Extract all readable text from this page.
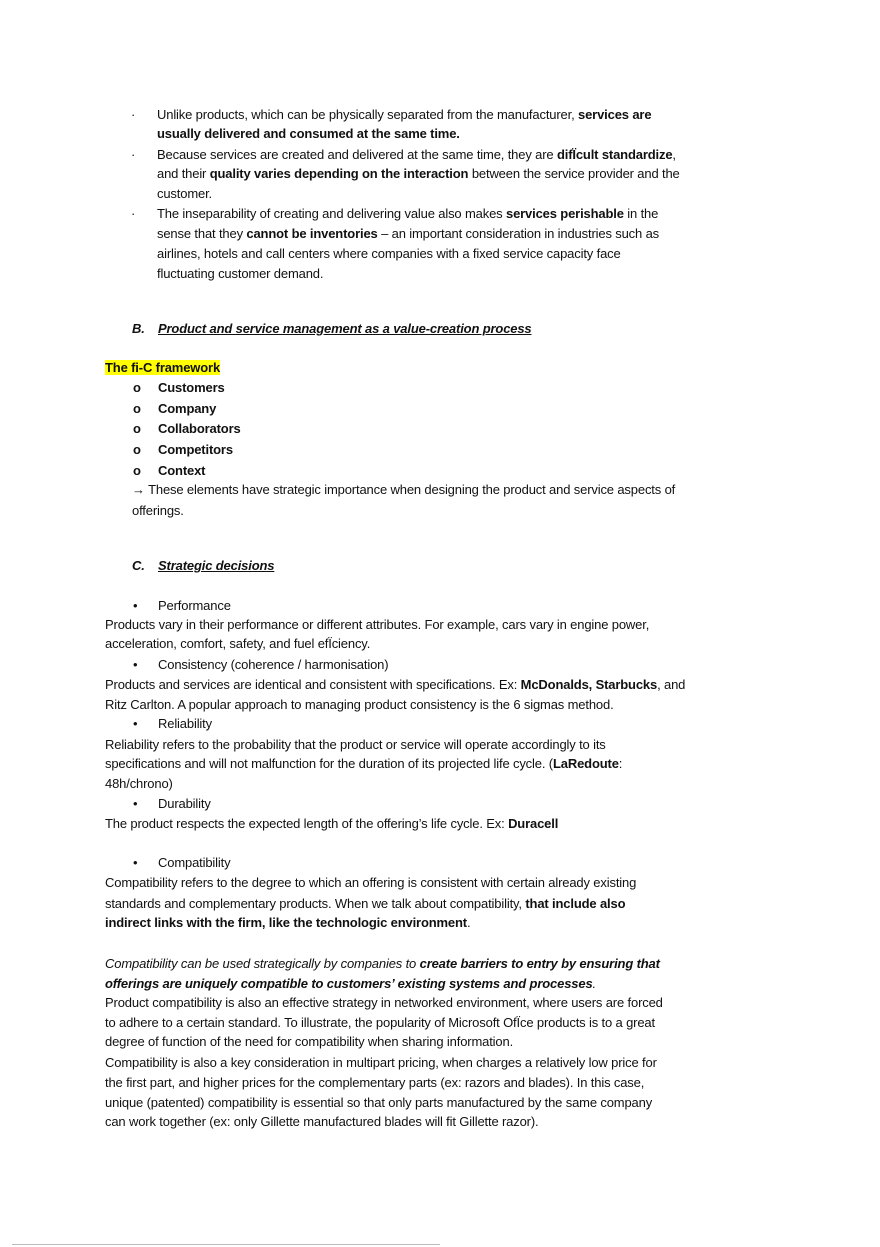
· Unlike products, which can be physically separated from the manufacturer, services are
usually delivered and consumed at the same time.
· Because services are created and delivered at the same time, they are difÏcult standardize,
and their quality varies depending on the interaction between the service provider and the
customer.
· The inseparability of creating and delivering value also makes services perishable in the
sense that they cannot be inventories – an important consideration in industries such as
airlines, hotels and call centers where companies with a fixed service capacity face
fluctuating customer demand.
B. Product and service management as a value-creation process
The fi-C framework
o Customers
o Company
o Collaborators
o Competitors
o Context
→ These elements have strategic importance when designing the product and service aspects of
offerings.
C. Strategic decisions
• Performance
Products vary in their performance or different attributes. For example, cars vary in engine power,
acceleration, comfort, safety, and fuel efÏciency.
• Consistency (coherence / harmonisation)
Products and services are identical and consistent with specifications. Ex: McDonalds, Starbucks, and
Ritz Carlton. A popular approach to managing product consistency is the 6 sigmas method.
• Reliability
Reliability refers to the probability that the product or service will operate accordingly to its
specifications and will not malfunction for the duration of its projected life cycle. (LaRedoute:
48h/chrono)
• Durability
The product respects the expected length of the offering’s life cycle. Ex: Duracell
• Compatibility
Compatibility refers to the degree to which an offering is consistent with certain already existing
standards and complementary products. When we talk about compatibility, that include also
indirect links with the firm, like the technologic environment.
Compatibility can be used strategically by companies to create barriers to entry by ensuring that
offerings are uniquely compatible to customers’ existing systems and processes.
Product compatibility is also an effective strategy in networked environment, where users are forced
to adhere to a certain standard. To illustrate, the popularity of Microsoft OfÏce products is to a great
degree of function of the need for compatibility when sharing information.
Compatibility is also a key consideration in multipart pricing, when charges a relatively low price for
the first part, and higher prices for the complementary parts (ex: razors and blades). In this case,
unique (patented) compatibility is essential so that only parts manufactured by the same company
can work together (ex: only Gillette manufactured blades will fit Gillette razor).
